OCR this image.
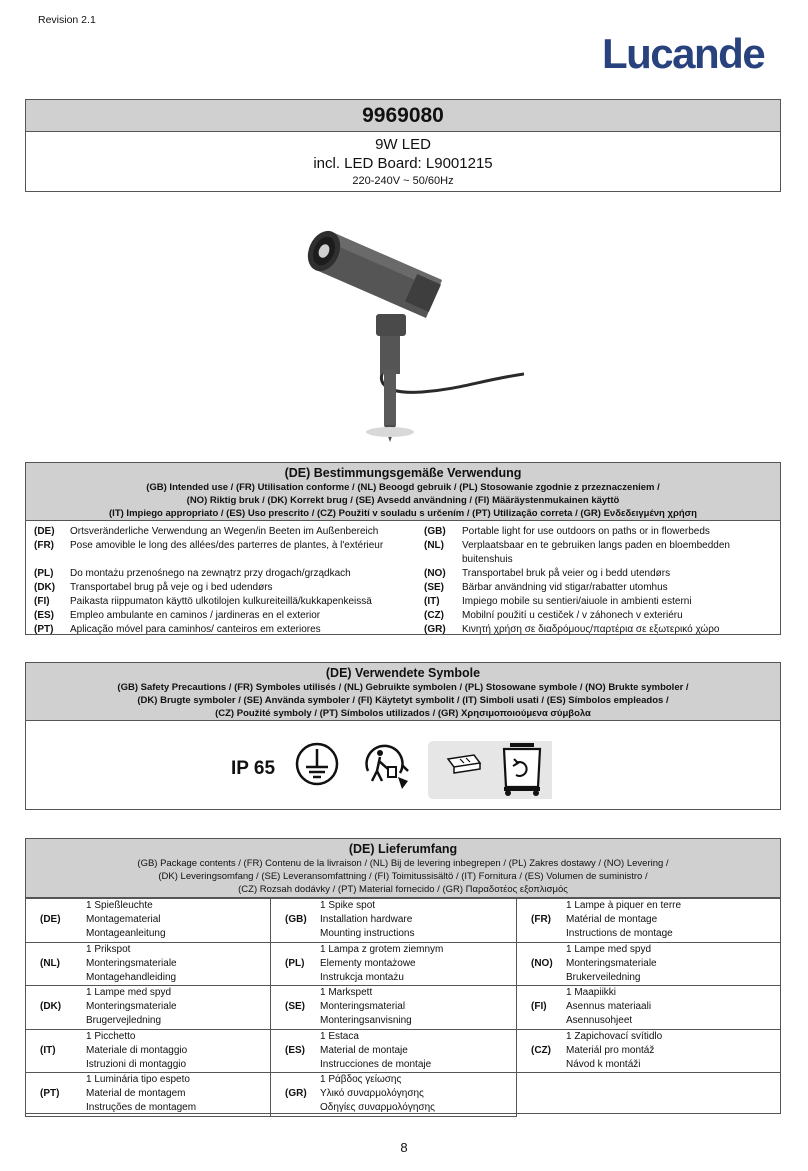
Revision 2.1
Lucande
9969080
9W LED
incl. LED Board: L9001215
220-240V ~ 50/60Hz
(DE) Bestimmungsgemäße Verwendung
(GB) Intended use / (FR) Utilisation conforme / (NL) Beoogd gebruik / (PL) Stosowanie zgodnie z przeznaczeniem /
(NO) Riktig bruk / (DK) Korrekt brug / (SE) Avsedd användning / (FI) Määräystenmukainen käyttö
(IT) Impiego appropriato / (ES) Uso prescrito / (CZ) Použití v souladu s určením / (PT) Utilização correta / (GR) Ενδεδειγμένη χρήση
(DE) Ortsveränderliche Verwendung an Wegen/in Beeten im Außenbereich
(FR) Pose amovible le long des allées/des parterres de plantes, à l'extérieur
(PL) Do montażu przenośnego na zewnątrz przy drogach/grządkach
(DK) Transportabel brug på veje og i bed udendørs
(FI) Paikasta riippumaton käyttö ulkotilojen kulkureiteillä/kukkapenkeissä
(ES) Empleo ambulante en caminos / jardineras en el exterior
(PT) Aplicação móvel para caminhos/ canteiros em exteriores
(GB) Portable light for use outdoors on paths or in flowerbeds
(NL) Verplaatsbaar en te gebruiken langs paden en bloembedden buitenshuis
(NO) Transportabel bruk på veier og i bedd utendørs
(SE) Bärbar användning vid stigar/rabatter utomhus
(IT) Impiego mobile su sentieri/aiuole in ambienti esterni
(CZ) Mobilní použití u cestiček / v záhonech v exteriéru
(GR) Κινητή χρήση σε διαδρόμους/παρτέρια σε εξωτερικό χώρο
(DE) Verwendete Symbole
(GB) Safety Precautions / (FR) Symboles utilisés / (NL) Gebruikte symbolen / (PL) Stosowane symbole / (NO) Brukte symboler /
(DK) Brugte symboler / (SE) Använda symboler / (FI) Käytetyt symbolit / (IT) Simboli usati / (ES) Símbolos empleados /
(CZ) Použité symboly / (PT) Símbolos utilizados / (GR) Χρησιμοποιούμενα σύμβολα
IP 65
(DE) Lieferumfang
(GB) Package contents / (FR) Contenu de la livraison / (NL) Bij de levering inbegrepen / (PL) Zakres dostawy / (NO) Levering /
(DK) Leveringsomfang / (SE) Leveransomfattning / (FI) Toimitussisältö / (IT) Fornitura / (ES) Volumen de suministro /
(CZ) Rozsah dodávky / (PT) Material fornecido / (GR) Παραδοτέος εξοπλισμός
(DE)
1 Spießleuchte
Montagematerial
Montageanleitung
(GB)
1 Spike spot
Installation hardware
Mounting instructions
(FR)
1 Lampe à piquer en terre
Matérial de montage
Instructions de montage
(NL)
1 Prikspot
Monteringsmateriale
Montagehandleiding
(PL)
1 Lampa z grotem ziemnym
Elementy montażowe
Instrukcja montażu
(NO)
1 Lampe med spyd
Monteringsmateriale
Brukerveiledning
(DK)
1 Lampe med spyd
Monteringsmateriale
Brugervejledning
(SE)
1 Markspett
Monteringsmaterial
Monteringsanvisning
(FI)
1 Maapiikki
Asennus materiaali
Asennusohjeet
(IT)
1 Picchetto
Materiale di montaggio
Istruzioni di montaggio
(ES)
1 Estaca
Material de montaje
Instrucciones de montaje
(CZ)
1 Zapichovací svítidlo
Materiál pro montáž
Návod k montáži
(PT)
1 Luminária tipo espeto
Material de montagem
Instruções de montagem
(GR)
1 Ράβδος γείωσης
Υλικό συναρμολόγησης
Οδηγίες συναρμολόγησης
8
